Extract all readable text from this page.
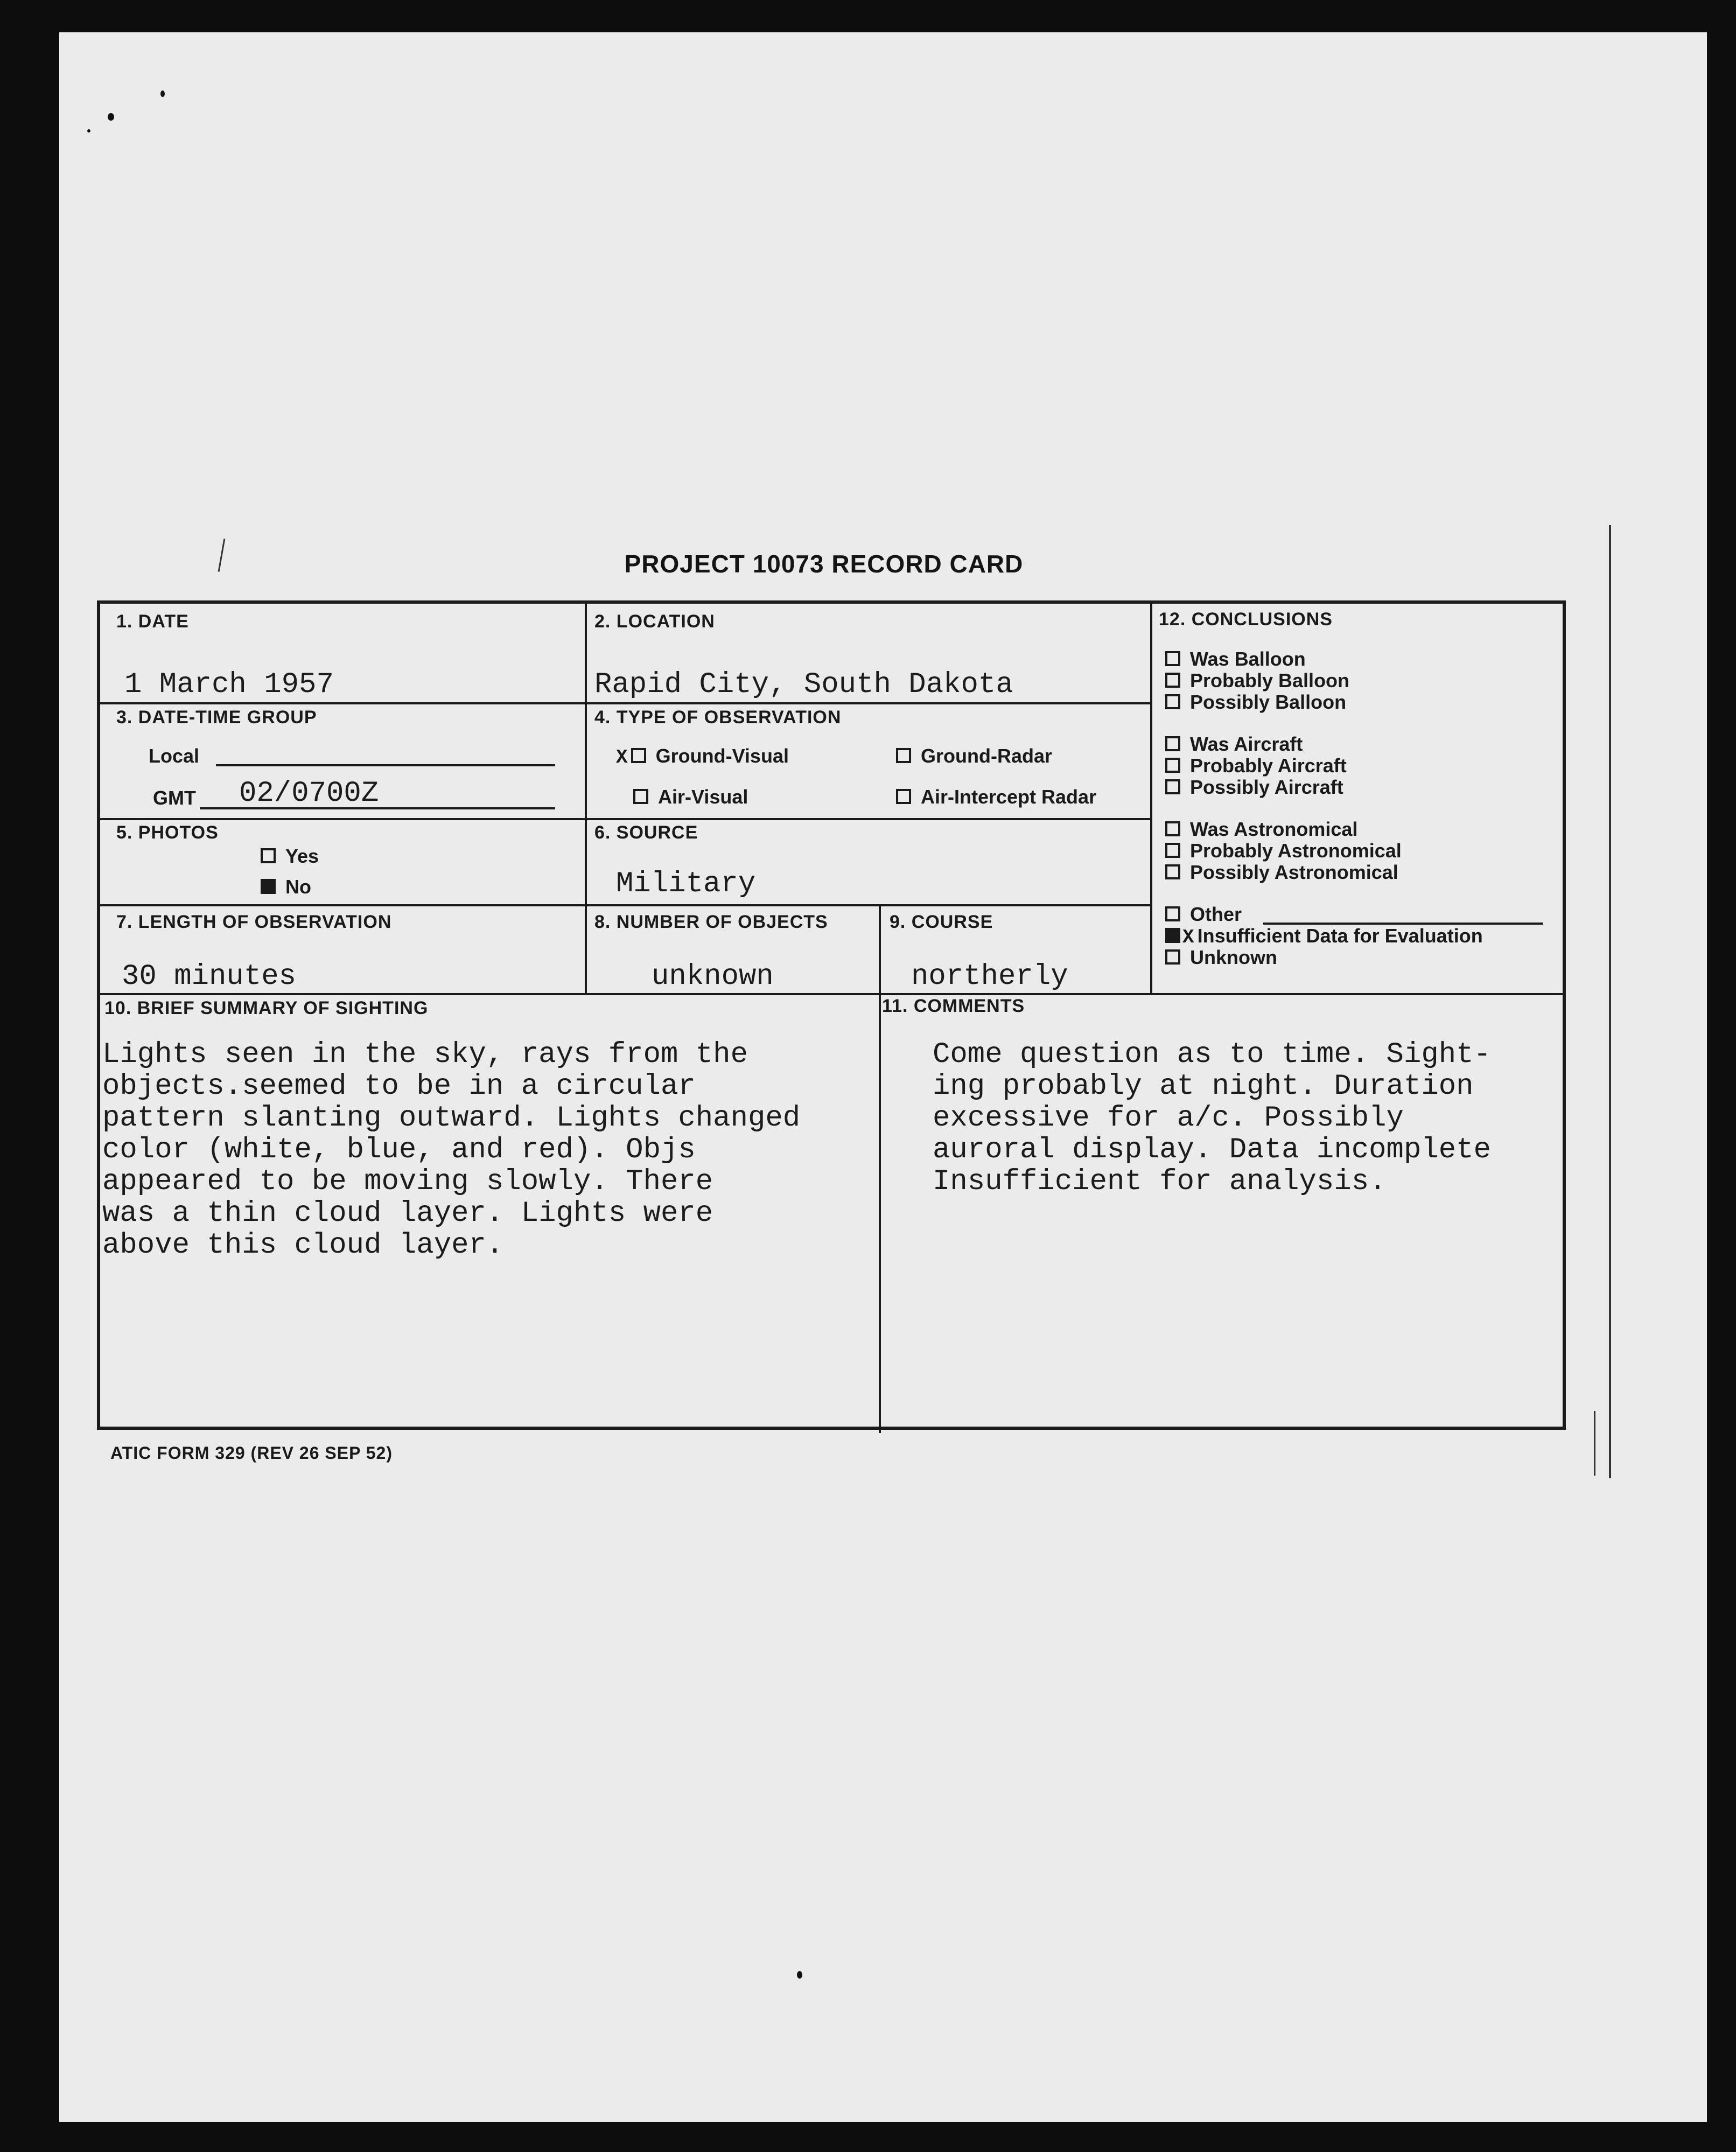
PROJECT 10073 RECORD CARD
1. DATE
1 March 1957
2. LOCATION
Rapid City, South Dakota
3. DATE-TIME GROUP
Local
GMT 02/0700Z
4. TYPE OF OBSERVATION
X Ground-Visual	Ground-Radar
Air-Visual	Air-Intercept Radar
5. PHOTOS
Yes
No
6. SOURCE
Military
7. LENGTH OF OBSERVATION
30 minutes
8. NUMBER OF OBJECTS
unknown
9. COURSE
northerly
10. BRIEF SUMMARY OF SIGHTING
Lights seen in the sky, rays from the
objects.seemed to be in a circular
pattern slanting outward. Lights changed
color (white, blue, and red). Objs
appeared to be moving slowly. There
was a thin cloud layer. Lights were
above this cloud layer.
11. COMMENTS
Come question as to time. Sight-
ing probably at night. Duration
excessive for a/c. Possibly
auroral display. Data incomplete
Insufficient for analysis.
12. CONCLUSIONS
Was Balloon
Probably Balloon
Possibly Balloon
Was Aircraft
Probably Aircraft
Possibly Aircraft
Was Astronomical
Probably Astronomical
Possibly Astronomical
Other
X Insufficient Data for Evaluation
Unknown
ATIC FORM 329 (REV 26 SEP 52)
